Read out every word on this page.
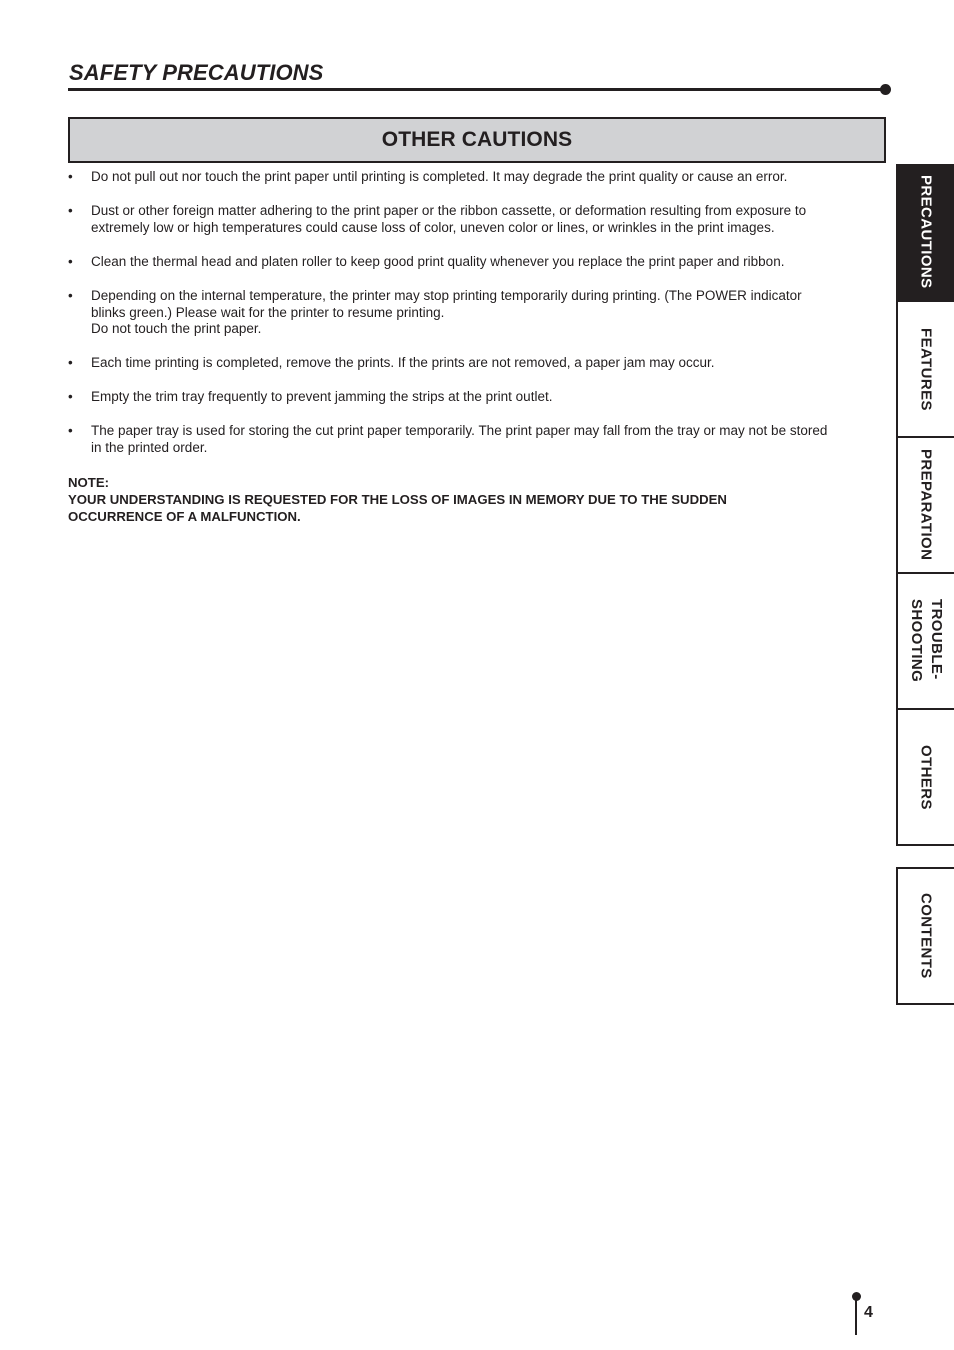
SAFETY PRECAUTIONS
OTHER CAUTIONS
• Do not pull out nor touch the print paper until printing is completed. It may degrade the print quality or cause an error.
• Dust or other foreign matter adhering to the print paper or the ribbon cassette, or deformation resulting from exposure to
extremely low or high temperatures could cause loss of color, uneven color or lines, or wrinkles in the print images.
• Clean the thermal head and platen roller to keep good print quality whenever you replace the print paper and ribbon.
• Depending on the internal temperature, the printer may stop printing temporarily during printing. (The POWER indicator
blinks green.) Please wait for the printer to resume printing.
Do not touch the print paper.
• Each time printing is completed, remove the prints. If the prints are not removed, a paper jam may occur.
• Empty the trim tray frequently to prevent jamming the strips at the print outlet.
• The paper tray is used for storing the cut print paper temporarily. The print paper may fall from the tray or may not be stored
in the printed order.
NOTE:
YOUR UNDERSTANDING IS REQUESTED FOR THE LOSS OF IMAGES IN MEMORY DUE TO THE SUDDEN
OCCURRENCE OF A MALFUNCTION.
PRECAUTIONS
FEATURES
PREPARATION
TROUBLE-
SHOOTING
OTHERS
CONTENTS
4
